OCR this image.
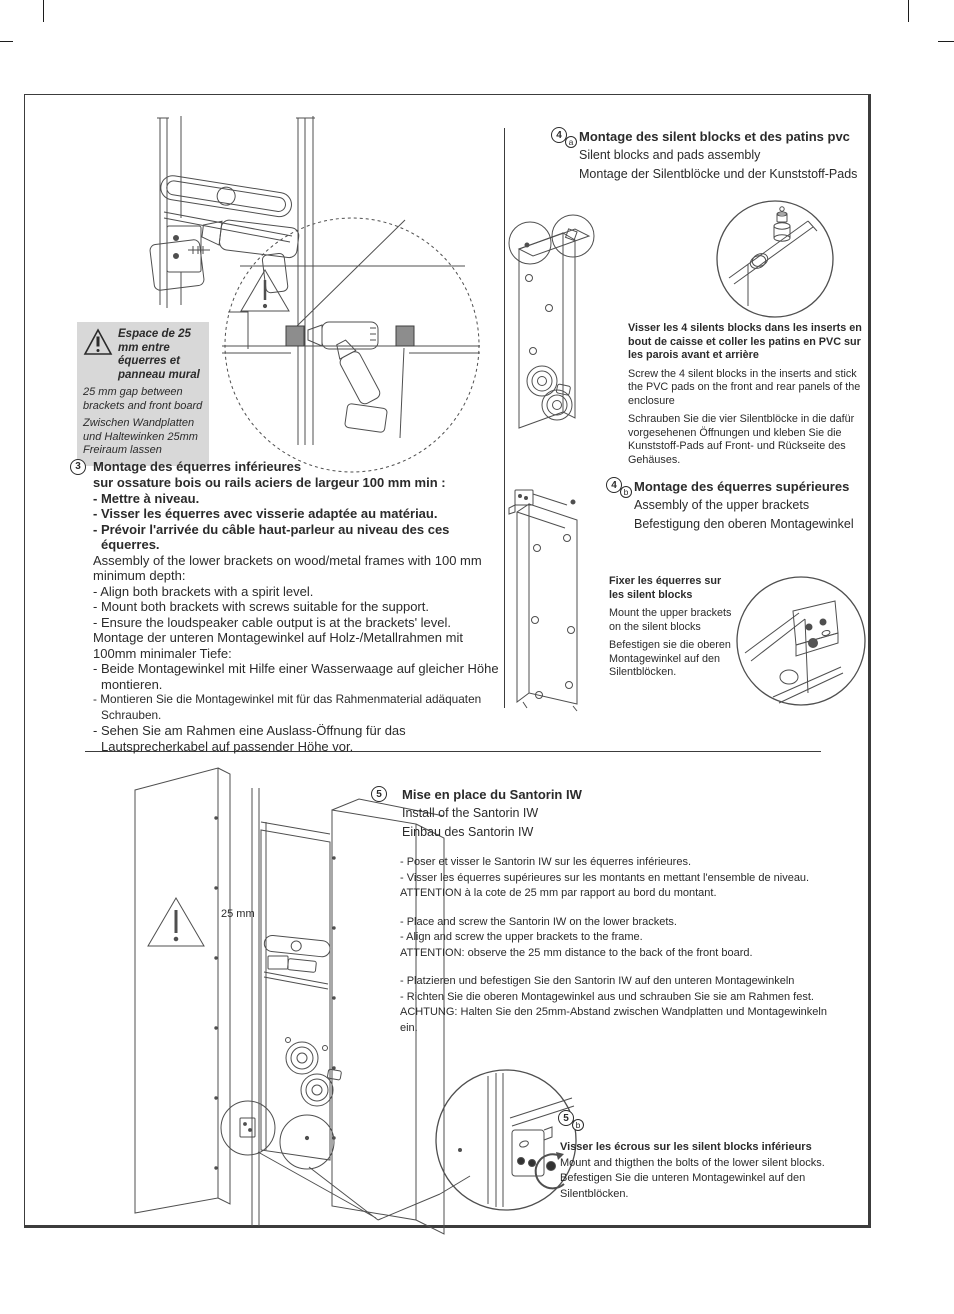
Espace de 25 mm entre équerres et panneau mural
25 mm gap between brackets and front board
Zwischen Wandplatten und Haltewinken 25mm Freiraum lassen
3 Montage des équerres inférieures
sur ossature bois ou rails aciers de largeur 100 mm min :
- Mettre à niveau.
- Visser les équerres avec visserie adaptée au matériau.
- Prévoir l'arrivée du câble haut-parleur au niveau des ces équerres.
Assembly of the lower brackets on wood/metal frames with 100 mm minimum depth:
- Align both brackets with a spirit level.
- Mount both brackets with screws suitable for the support.
- Ensure the loudspeaker cable output is at the brackets' level.
Montage der unteren Montagewinkel auf Holz-/Metallrahmen mit 100mm minimaler Tiefe:
- Beide Montagewinkel mit Hilfe einer Wasserwaage auf gleicher Höhe montieren.
- Montieren Sie die Montagewinkel mit für das Rahmenmaterial adäquaten Schrauben.
- Sehen Sie am Rahmen eine Auslass-Öffnung für das Lautsprecherkabel auf passender Höhe vor.
4
a Montage des silent blocks et des patins pvc
Silent blocks and pads assembly
Montage der Silentblöcke und der Kunststoff-Pads
Visser les 4 silents blocks dans les inserts en bout de caisse et coller les patins en PVC sur les parois avant et arrière
Screw the 4 silent blocks in the inserts and stick the PVC pads on the front and rear panels of the enclosure
Schrauben Sie die vier Silentblöcke in die dafür vorgesehenen Öffnungen und kleben Sie die Kunststoff-Pads auf Front- und Rückseite des Gehäuses.
4
b Montage des équerres supérieures
Assembly of the upper brackets
Befestigung den oberen Montagewinkel
Fixer les équerres sur les silent blocks
Mount the upper brackets on the silent blocks
Befestigen sie die oberen Montagewinkel auf den Silentblöcken.
25 mm
5	Mise en place du Santorin IW
Install of the Santorin IW
Einbau des Santorin IW
- Poser et visser le Santorin IW sur les équerres inférieures.
- Visser les équerres supérieures sur les montants en mettant l'ensemble de niveau.
ATTENTION à la cote de 25 mm par rapport au bord du montant.
- Place and screw the Santorin IW on the lower brackets.
- Align and screw the upper brackets to the frame.
ATTENTION: observe the 25 mm distance to the back of the front board.
- Platzieren und befestigen Sie den Santorin IW auf den unteren Montagewinkeln
- Richten Sie die oberen Montagewinkel aus und schrauben Sie sie am Rahmen fest.
ACHTUNG: Halten Sie den 25mm-Abstand zwischen Wandplatten und Montagewinkeln ein.
5
b
Visser les écrous sur les silent blocks inférieurs
Mount and thigthen the bolts of the lower silent blocks.
Befestigen Sie die unteren Montagewinkel auf den Silentblöcken.
